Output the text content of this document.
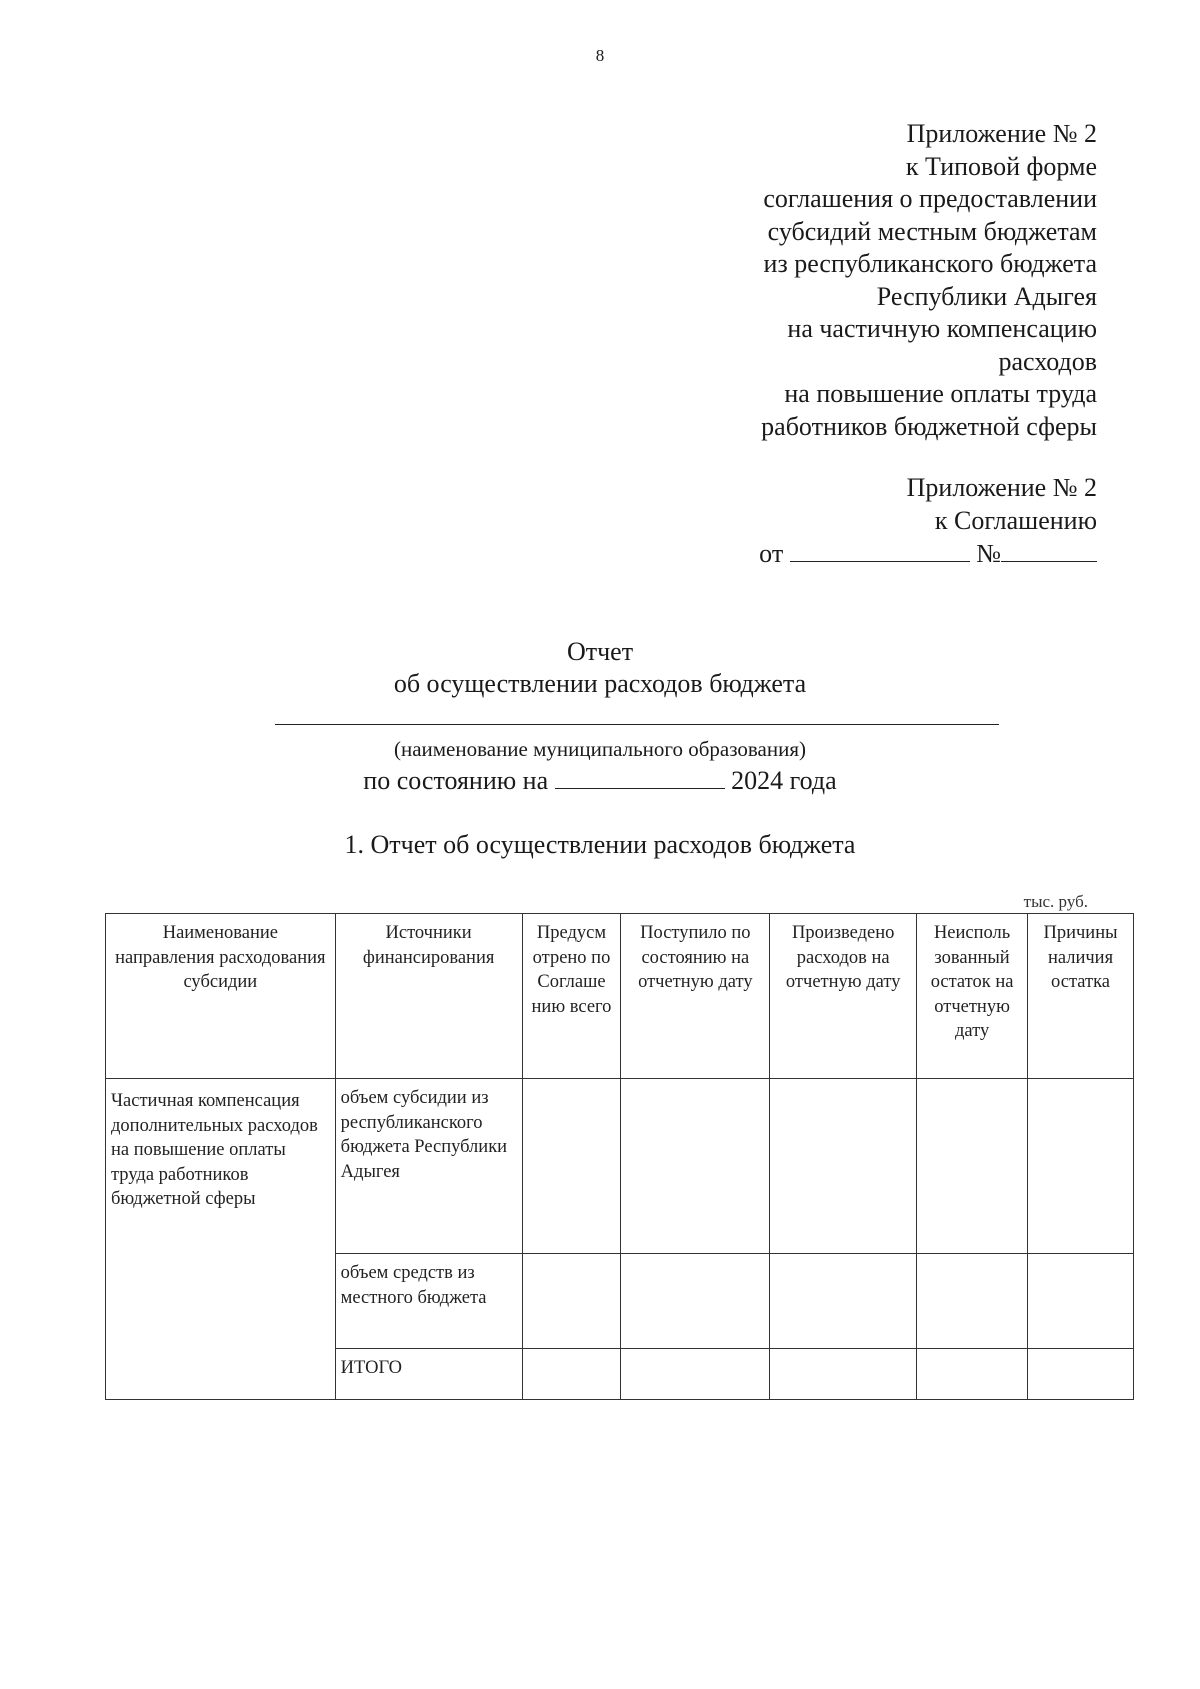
8
Приложение № 2
к Типовой форме
соглашения о предоставлении
субсидий местным бюджетам
из республиканского бюджета
Республики Адыгея
на частичную компенсацию
расходов
на повышение оплаты труда
работников бюджетной сферы
Приложение № 2
к Соглашению
от	№
Отчет
об осуществлении расходов бюджета
(наименование муниципального образования)
по состоянию на	2024 года
1. Отчет об осуществлении расходов бюджета
тыс. руб.
Наименование направления расходования субсидии	Источники финансирования	Предусм отрено по Соглаше нию всего	Поступило по состоянию на отчетную дату	Произведено расходов на отчетную дату	Неисполь зованный остаток на отчетную дату	Причины наличия остатка
Частичная компенсация дополнительных расходов на повышение оплаты труда работников бюджетной сферы	объем субсидии из республиканского бюджета Республики Адыгея					
	объем средств из местного бюджета					
	ИТОГО					
